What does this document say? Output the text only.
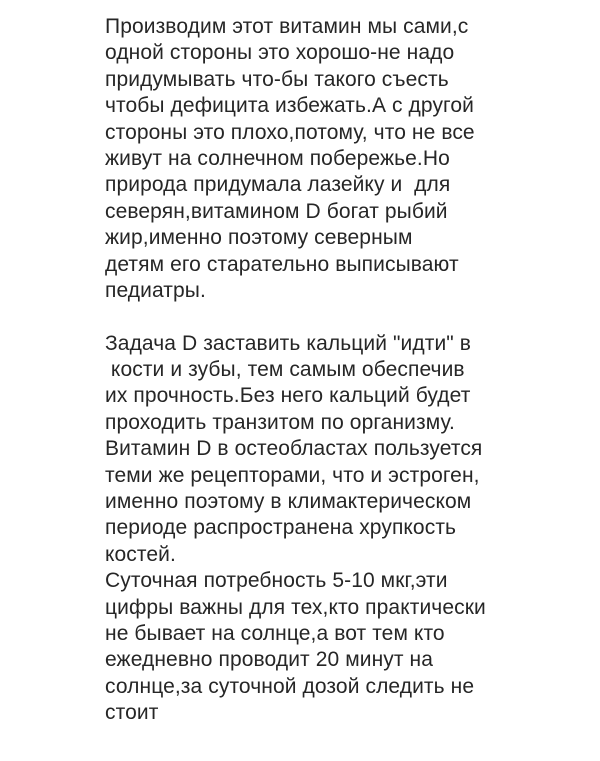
Производим этот витамин мы сами,с
одной стороны это хорошо-не надо
придумывать что-бы такого съесть
чтобы дефицита избежать.А с другой
стороны это плохо,потому, что не все
живут на солнечном побережье.Но
природа придумала лазейку и  для
северян,витамином D богат рыбий
жир,именно поэтому северным
детям его старательно выписывают
педиатры.
Задача D заставить кальций "идти" в
кости и зубы, тем самым обеспечив
их прочность.Без него кальций будет
проходить транзитом по организму.
Витамин D в остеобластах пользуется
теми же рецепторами, что и эстроген,
именно поэтому в климактерическом
периоде распространена хрупкость
костей.
Суточная потребность 5-10 мкг,эти
цифры важны для тех,кто практически
не бывает на солнце,а вот тем кто
ежедневно проводит 20 минут на
солнце,за суточной дозой следить не
стоит
